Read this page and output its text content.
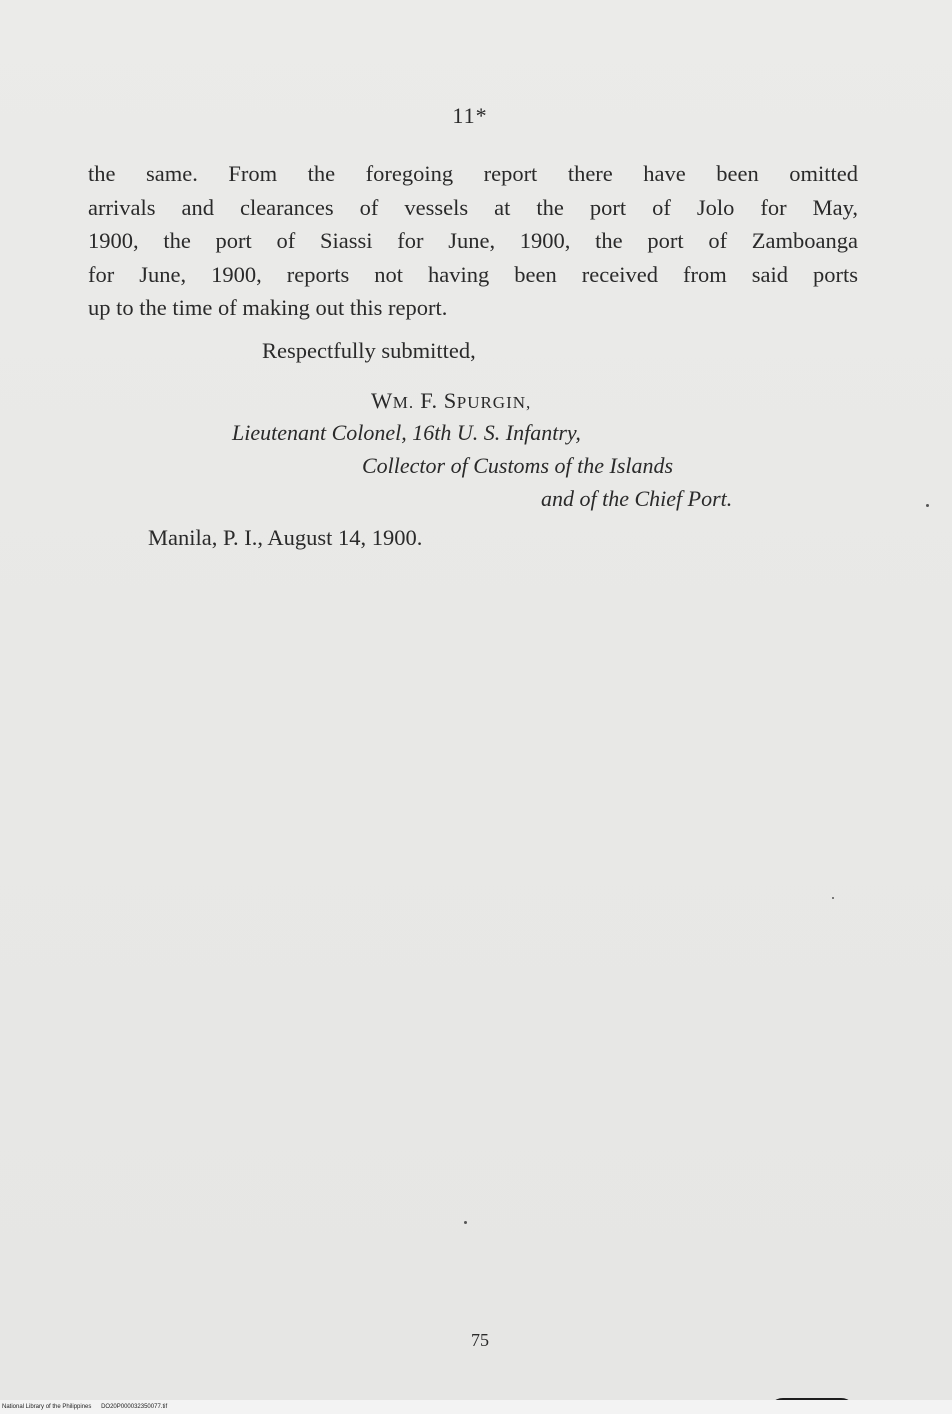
11*
the same. From the foregoing report there have been omitted
arrivals and clearances of vessels at the port of Jolo for May,
1900, the port of Siassi for June, 1900, the port of Zamboanga
for June, 1900, reports not having been received from said ports
up to the time of making out this report.
Respectfully submitted,
WM. F. SPURGIN,
Lieutenant Colonel, 16th U. S. Infantry,
Collector of Customs of the Islands
and of the Chief Port.
Manila, P. I., August 14, 1900.
75
National Library of the Philippines DO20P000032350077.tif
